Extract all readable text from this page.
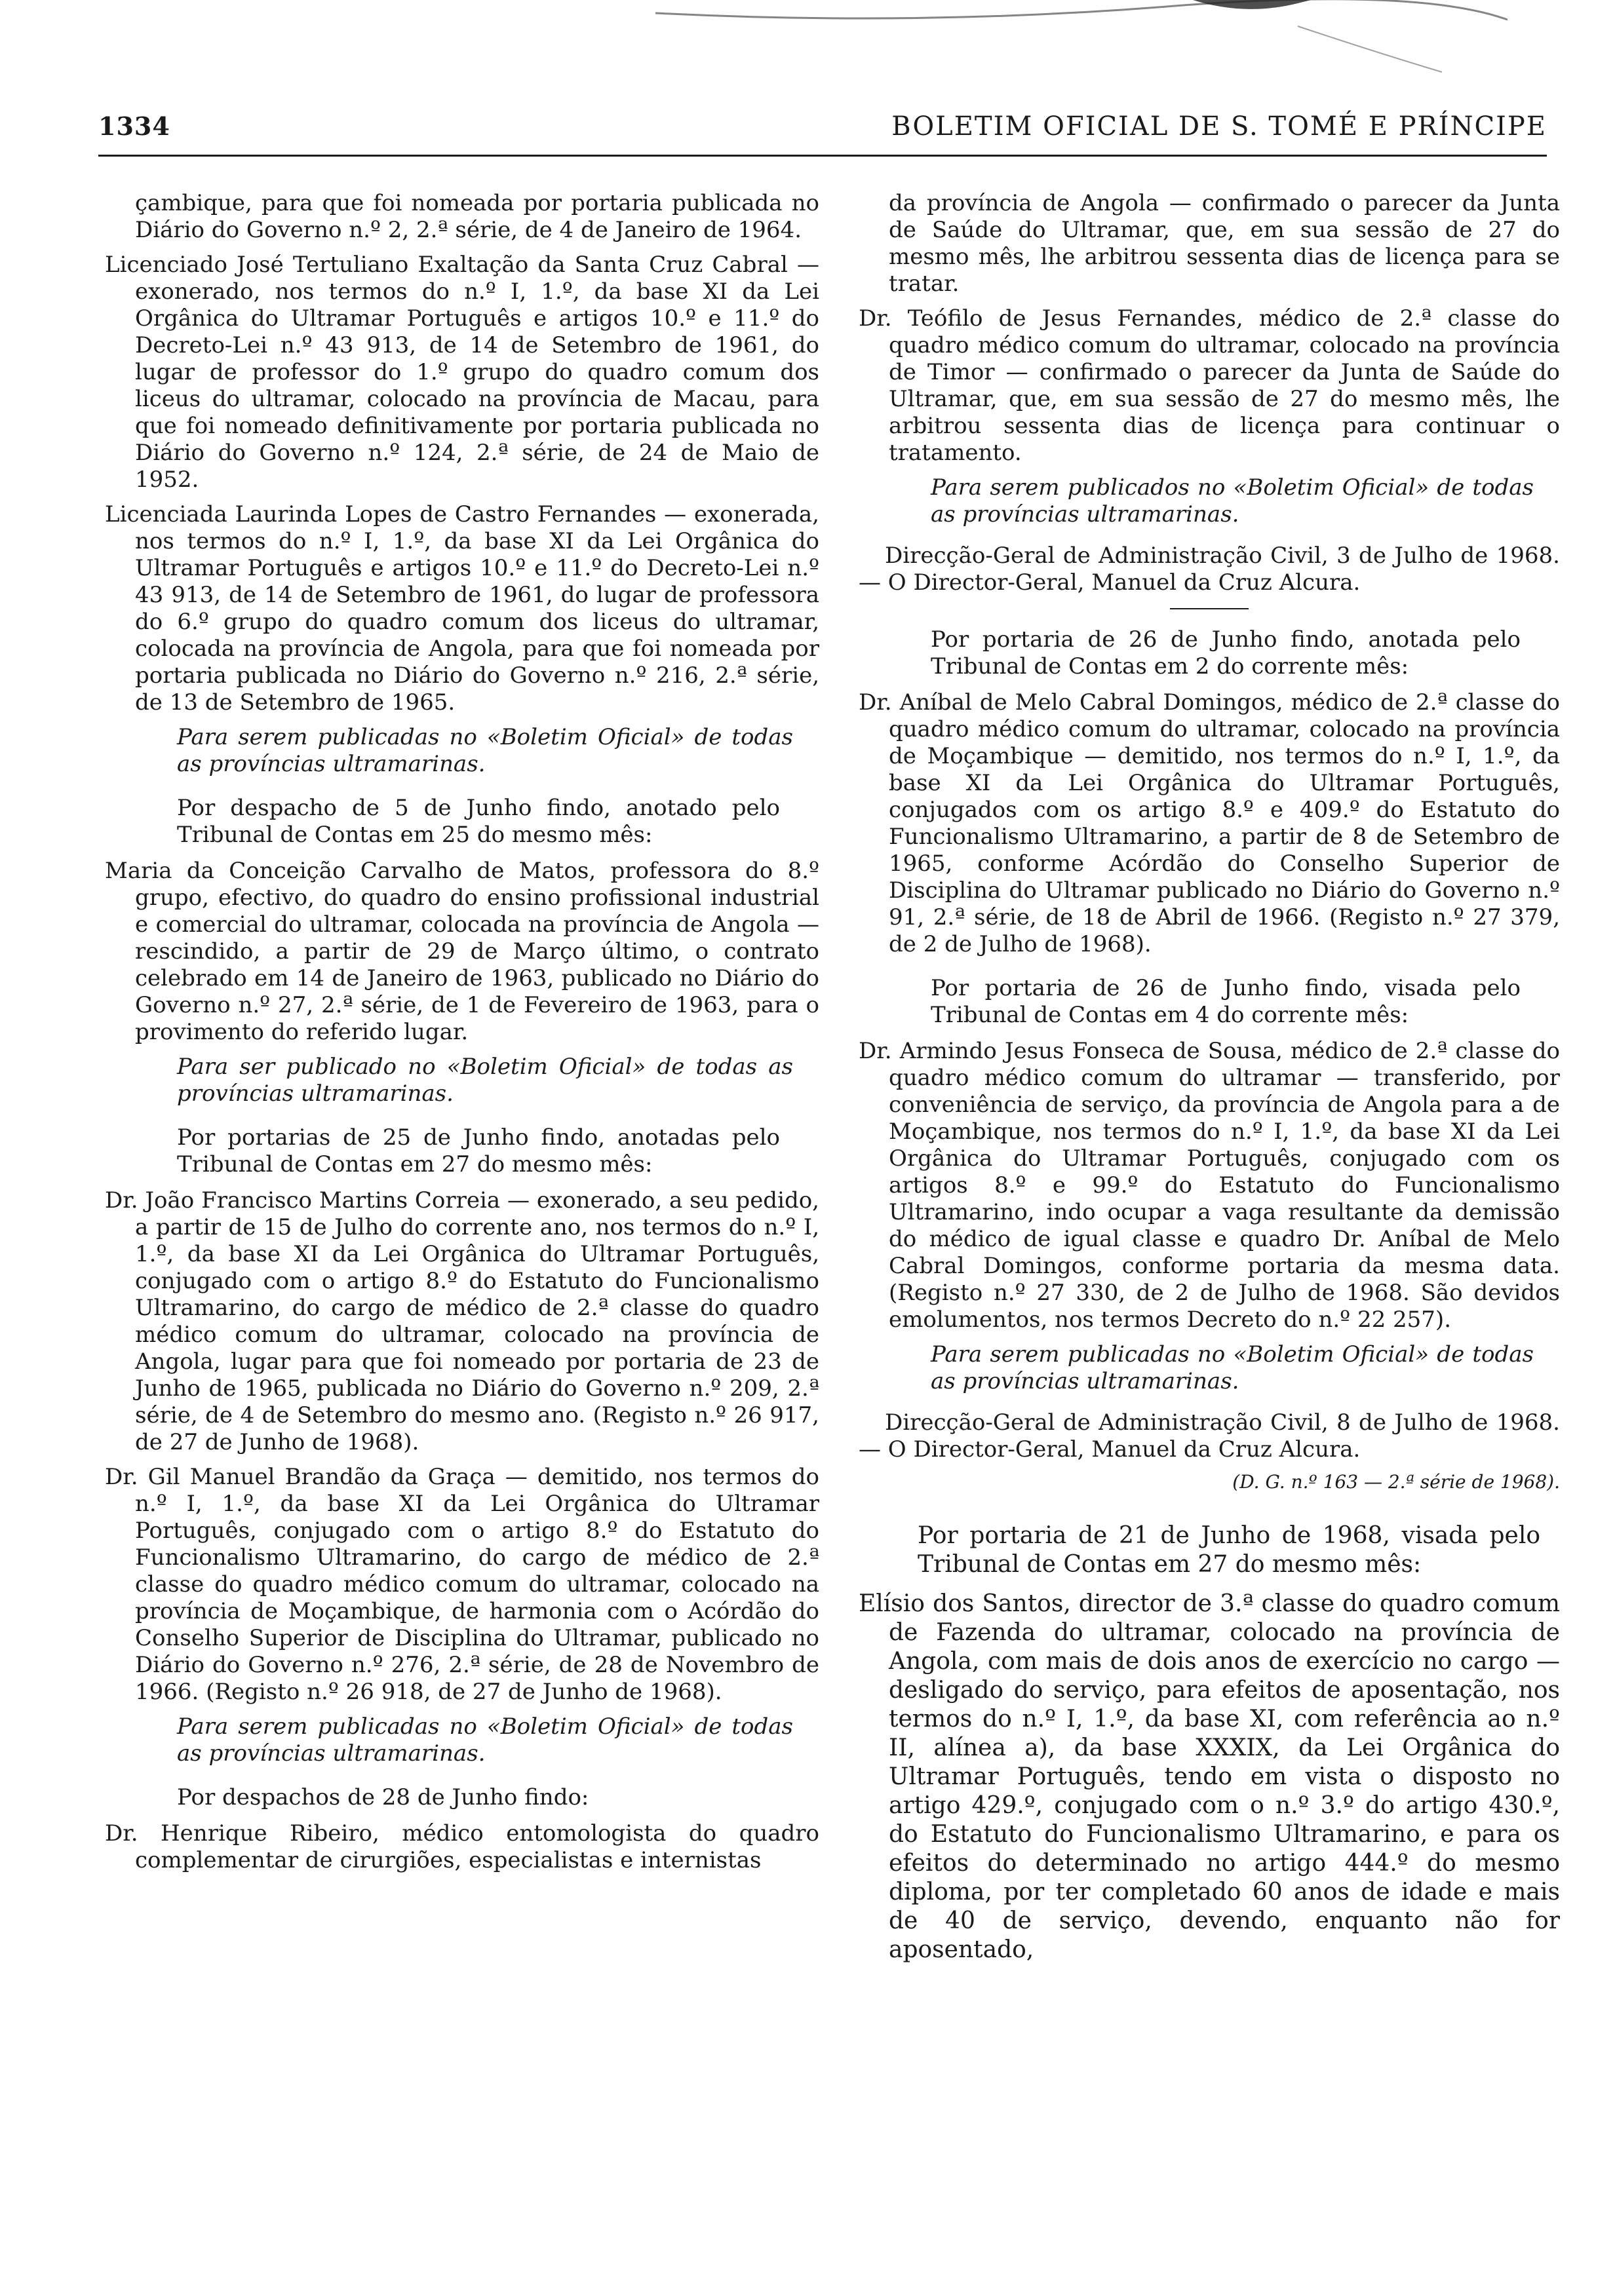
1334	BOLETIM OFICIAL DE S. TOMÉ E PRÍNCIPE

çambique, para que foi nomeada por portaria publicada no Diário do Governo n.º 2, 2.ª série, de 4 de Janeiro de 1964.

Licenciado José Tertuliano Exaltação da Santa Cruz Cabral — exonerado, nos termos do n.º I, 1.º, da base XI da Lei Orgânica do Ultramar Português e artigos 10.º e 11.º do Decreto-Lei n.º 43 913, de 14 de Setembro de 1961, do lugar de professor do 1.º grupo do quadro comum dos liceus do ultramar, colocado na província de Macau, para que foi nomeado definitivamente por portaria publicada no Diário do Governo n.º 124, 2.ª série, de 24 de Maio de 1952.

Licenciada Laurinda Lopes de Castro Fernandes — exonerada, nos termos do n.º I, 1.º, da base XI da Lei Orgânica do Ultramar Português e artigos 10.º e 11.º do Decreto-Lei n.º 43 913, de 14 de Setembro de 1961, do lugar de professora do 6.º grupo do quadro comum dos liceus do ultramar, colocada na província de Angola, para que foi nomeada por portaria publicada no Diário do Governo n.º 216, 2.ª série, de 13 de Setembro de 1965.

Para serem publicadas no «Boletim Oficial» de todas as províncias ultramarinas.

Por despacho de 5 de Junho findo, anotado pelo Tribunal de Contas em 25 do mesmo mês:

Maria da Conceição Carvalho de Matos, professora do 8.º grupo, efectivo, do quadro do ensino profissional industrial e comercial do ultramar, colocada na província de Angola — rescindido, a partir de 29 de Março último, o contrato celebrado em 14 de Janeiro de 1963, publicado no Diário do Governo n.º 27, 2.ª série, de 1 de Fevereiro de 1963, para o provimento do referido lugar.

Para ser publicado no «Boletim Oficial» de todas as províncias ultramarinas.

Por portarias de 25 de Junho findo, anotadas pelo Tribunal de Contas em 27 do mesmo mês:

Dr. João Francisco Martins Correia — exonerado, a seu pedido, a partir de 15 de Julho do corrente ano, nos termos do n.º I, 1.º, da base XI da Lei Orgânica do Ultramar Português, conjugado com o artigo 8.º do Estatuto do Funcionalismo Ultramarino, do cargo de médico de 2.ª classe do quadro médico comum do ultramar, colocado na província de Angola, lugar para que foi nomeado por portaria de 23 de Junho de 1965, publicada no Diário do Governo n.º 209, 2.ª série, de 4 de Setembro do mesmo ano. (Registo n.º 26 917, de 27 de Junho de 1968).

Dr. Gil Manuel Brandão da Graça — demitido, nos termos do n.º I, 1.º, da base XI da Lei Orgânica do Ultramar Português, conjugado com o artigo 8.º do Estatuto do Funcionalismo Ultramarino, do cargo de médico de 2.ª classe do quadro médico comum do ultramar, colocado na província de Moçambique, de harmonia com o Acórdão do Conselho Superior de Disciplina do Ultramar, publicado no Diário do Governo n.º 276, 2.ª série, de 28 de Novembro de 1966. (Registo n.º 26 918, de 27 de Junho de 1968).

Para serem publicadas no «Boletim Oficial» de todas as províncias ultramarinas.

Por despachos de 28 de Junho findo:

Dr. Henrique Ribeiro, médico entomologista do quadro complementar de cirurgiões, especialistas e internistas

da província de Angola — confirmado o parecer da Junta de Saúde do Ultramar, que, em sua sessão de 27 do mesmo mês, lhe arbitrou sessenta dias de licença para se tratar.

Dr. Teófilo de Jesus Fernandes, médico de 2.ª classe do quadro médico comum do ultramar, colocado na província de Timor — confirmado o parecer da Junta de Saúde do Ultramar, que, em sua sessão de 27 do mesmo mês, lhe arbitrou sessenta dias de licença para continuar o tratamento.

Para serem publicados no «Boletim Oficial» de todas as províncias ultramarinas.

Direcção-Geral de Administração Civil, 3 de Julho de 1968. — O Director-Geral, Manuel da Cruz Alcura.

Por portaria de 26 de Junho findo, anotada pelo Tribunal de Contas em 2 do corrente mês:

Dr. Aníbal de Melo Cabral Domingos, médico de 2.ª classe do quadro médico comum do ultramar, colocado na província de Moçambique — demitido, nos termos do n.º I, 1.º, da base XI da Lei Orgânica do Ultramar Português, conjugados com os artigo 8.º e 409.º do Estatuto do Funcionalismo Ultramarino, a partir de 8 de Setembro de 1965, conforme Acórdão do Conselho Superior de Disciplina do Ultramar publicado no Diário do Governo n.º 91, 2.ª série, de 18 de Abril de 1966. (Registo n.º 27 379, de 2 de Julho de 1968).

Por portaria de 26 de Junho findo, visada pelo Tribunal de Contas em 4 do corrente mês:

Dr. Armindo Jesus Fonseca de Sousa, médico de 2.ª classe do quadro médico comum do ultramar — transferido, por conveniência de serviço, da província de Angola para a de Moçambique, nos termos do n.º I, 1.º, da base XI da Lei Orgânica do Ultramar Português, conjugado com os artigos 8.º e 99.º do Estatuto do Funcionalismo Ultramarino, indo ocupar a vaga resultante da demissão do médico de igual classe e quadro Dr. Aníbal de Melo Cabral Domingos, conforme portaria da mesma data. (Registo n.º 27 330, de 2 de Julho de 1968. São devidos emolumentos, nos termos Decreto do n.º 22 257).

Para serem publicadas no «Boletim Oficial» de todas as províncias ultramarinas.

Direcção-Geral de Administração Civil, 8 de Julho de 1968. — O Director-Geral, Manuel da Cruz Alcura.

(D. G. n.º 163 — 2.ª série de 1968).

Por portaria de 21 de Junho de 1968, visada pelo Tribunal de Contas em 27 do mesmo mês:

Elísio dos Santos, director de 3.ª classe do quadro comum de Fazenda do ultramar, colocado na província de Angola, com mais de dois anos de exercício no cargo — desligado do serviço, para efeitos de aposentação, nos termos do n.º I, 1.º, da base XI, com referência ao n.º II, alínea a), da base XXXIX, da Lei Orgânica do Ultramar Português, tendo em vista o disposto no artigo 429.º, conjugado com o n.º 3.º do artigo 430.º, do Estatuto do Funcionalismo Ultramarino, e para os efeitos do determinado no artigo 444.º do mesmo diploma, por ter completado 60 anos de idade e mais de 40 de serviço, devendo, enquanto não for aposentado,
